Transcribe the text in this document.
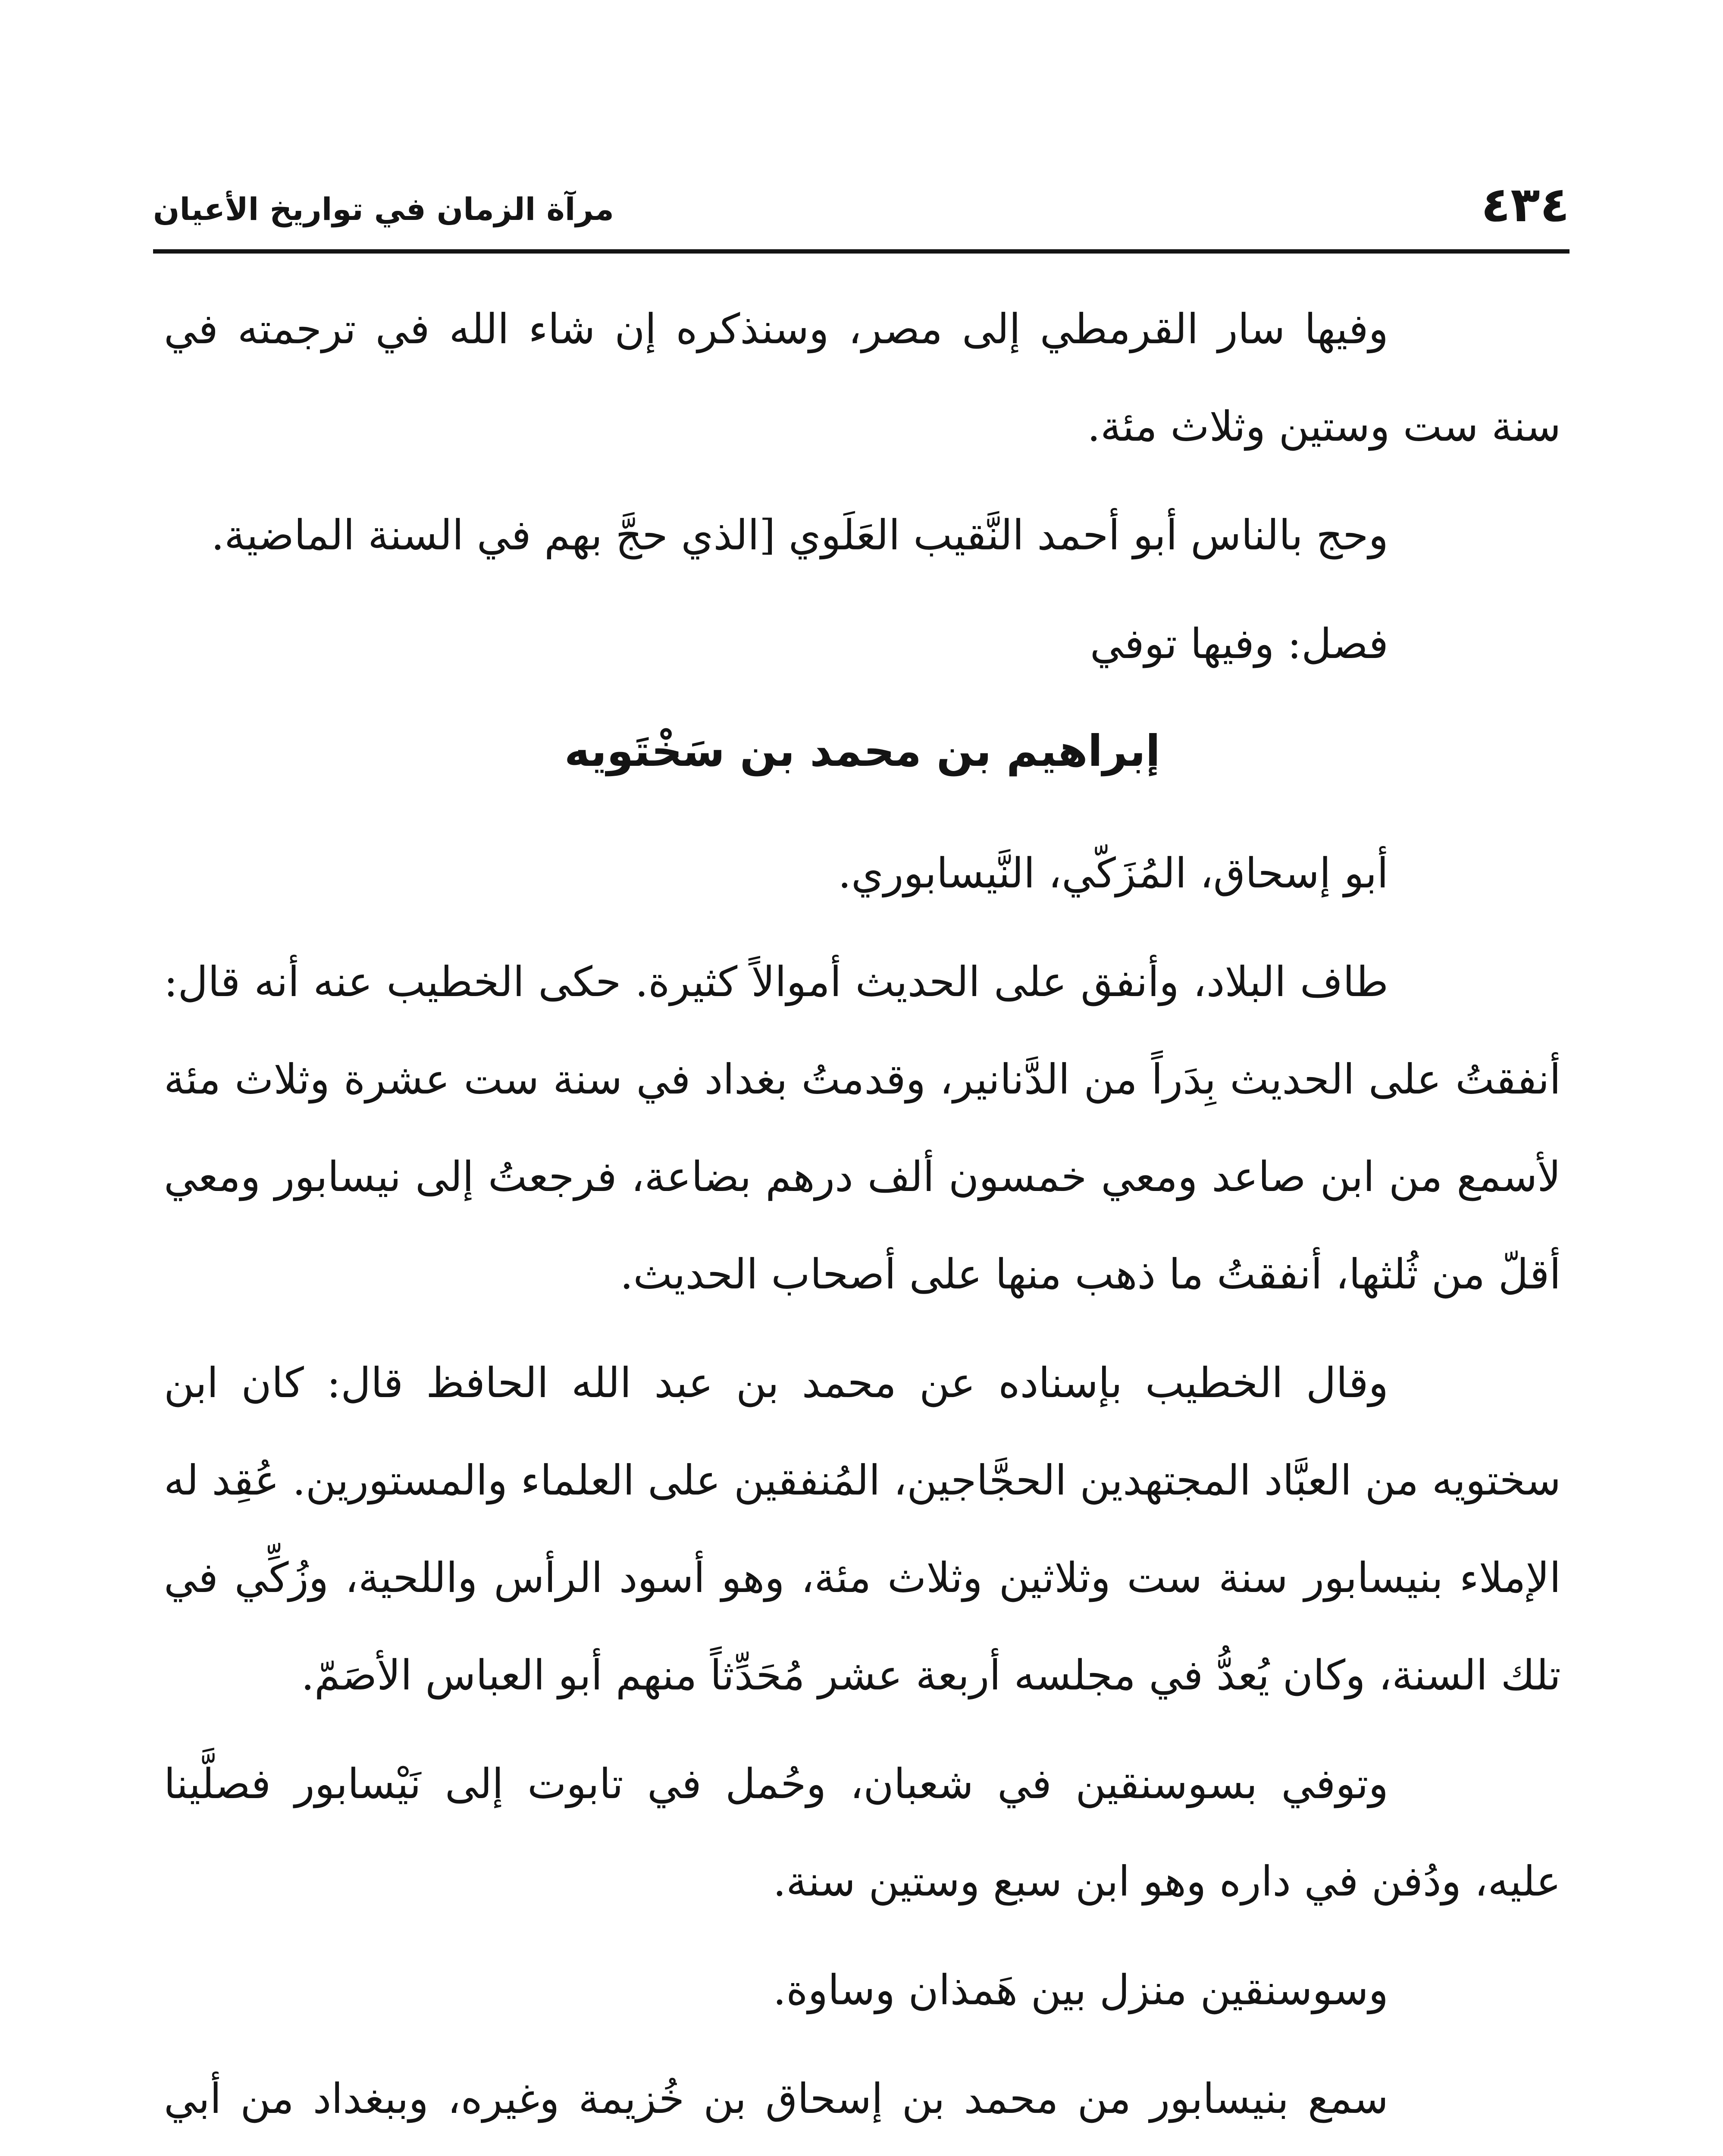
٤٣٤
مرآة الزمان في تواريخ الأعيان

وفيها سار القرمطي إلى مصر، وسنذكره إن شاء الله في ترجمته في سنة ست وستين وثلاث مئة.

وحج بالناس أبو أحمد النَّقيب العَلَوي [الذي حجَّ بهم في السنة الماضية.

فصل: وفيها توفي

إبراهيم بن محمد بن سَخْتَويه

أبو إسحاق، المُزَكّي، النَّيسابوري.

طاف البلاد، وأنفق على الحديث أموالاً كثيرة. حكى الخطيب عنه أنه قال: أنفقتُ على الحديث بِدَراً من الدَّنانير، وقدمتُ بغداد في سنة ست عشرة وثلاث مئة لأسمع من ابن صاعد ومعي خمسون ألف درهم بضاعة، فرجعتُ إلى نيسابور ومعي أقلّ من ثُلثها، أنفقتُ ما ذهب منها على أصحاب الحديث.

وقال الخطيب بإسناده عن محمد بن عبد الله الحافظ قال: كان ابن سختويه من العبَّاد المجتهدين الحجَّاجين، المُنفقين على العلماء والمستورين. عُقِد له الإملاء بنيسابور سنة ست وثلاثين وثلاث مئة، وهو أسود الرأس واللحية، وزُكِّي في تلك السنة، وكان يُعدُّ في مجلسه أربعة عشر مُحَدِّثاً منهم أبو العباس الأصَمّ.

وتوفي بسوسنقين في شعبان، وحُمل في تابوت إلى نَيْسابور فصلَّينا عليه، ودُفن في داره وهو ابن سبع وستين سنة.

وسوسنقين منزل بين هَمذان وساوة.

سمع بنيسابور من محمد بن إسحاق بن خُزيمة وغيره، وببغداد من أبي
